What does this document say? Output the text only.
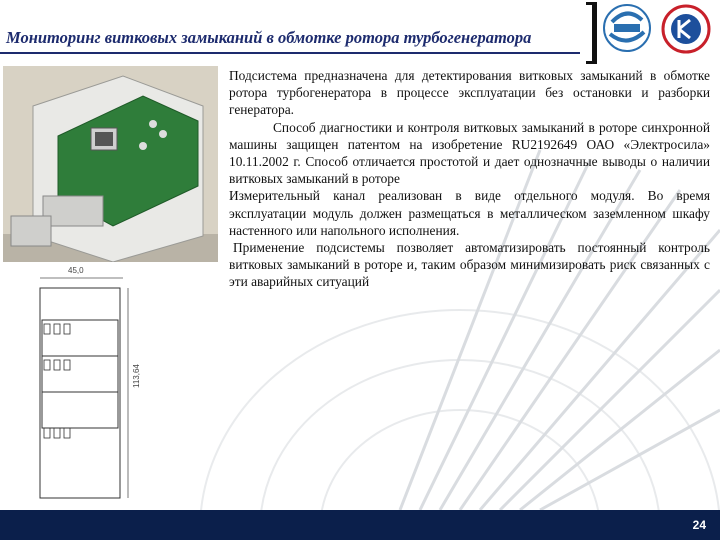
Мониторинг витковых замыканий в обмотке ротора турбогенератора
45,0
113,64

Подсистема предназначена для детектирования витковых замыканий в обмотке ротора турбогенератора в процессе эксплуатации без остановки и разборки генератора.

Способ диагностики и контроля витковых замыканий в роторе синхронной машины защищен патентом на изобретение RU2192649 ОАО «Электросила» 10.11.2002 г. Способ отличается простотой и дает однозначные выводы о наличии витковых замыканий в роторе

Измерительный канал реализован в виде отдельного модуля. Во время эксплуатации модуль должен размещаться в металлическом заземленном шкафу настенного или напольного исполнения.

Применение подсистемы позволяет автоматизировать постоянный контроль витковых замыканий в роторе и, таким образом минимизировать риск связанных с эти аварийных ситуаций

24
